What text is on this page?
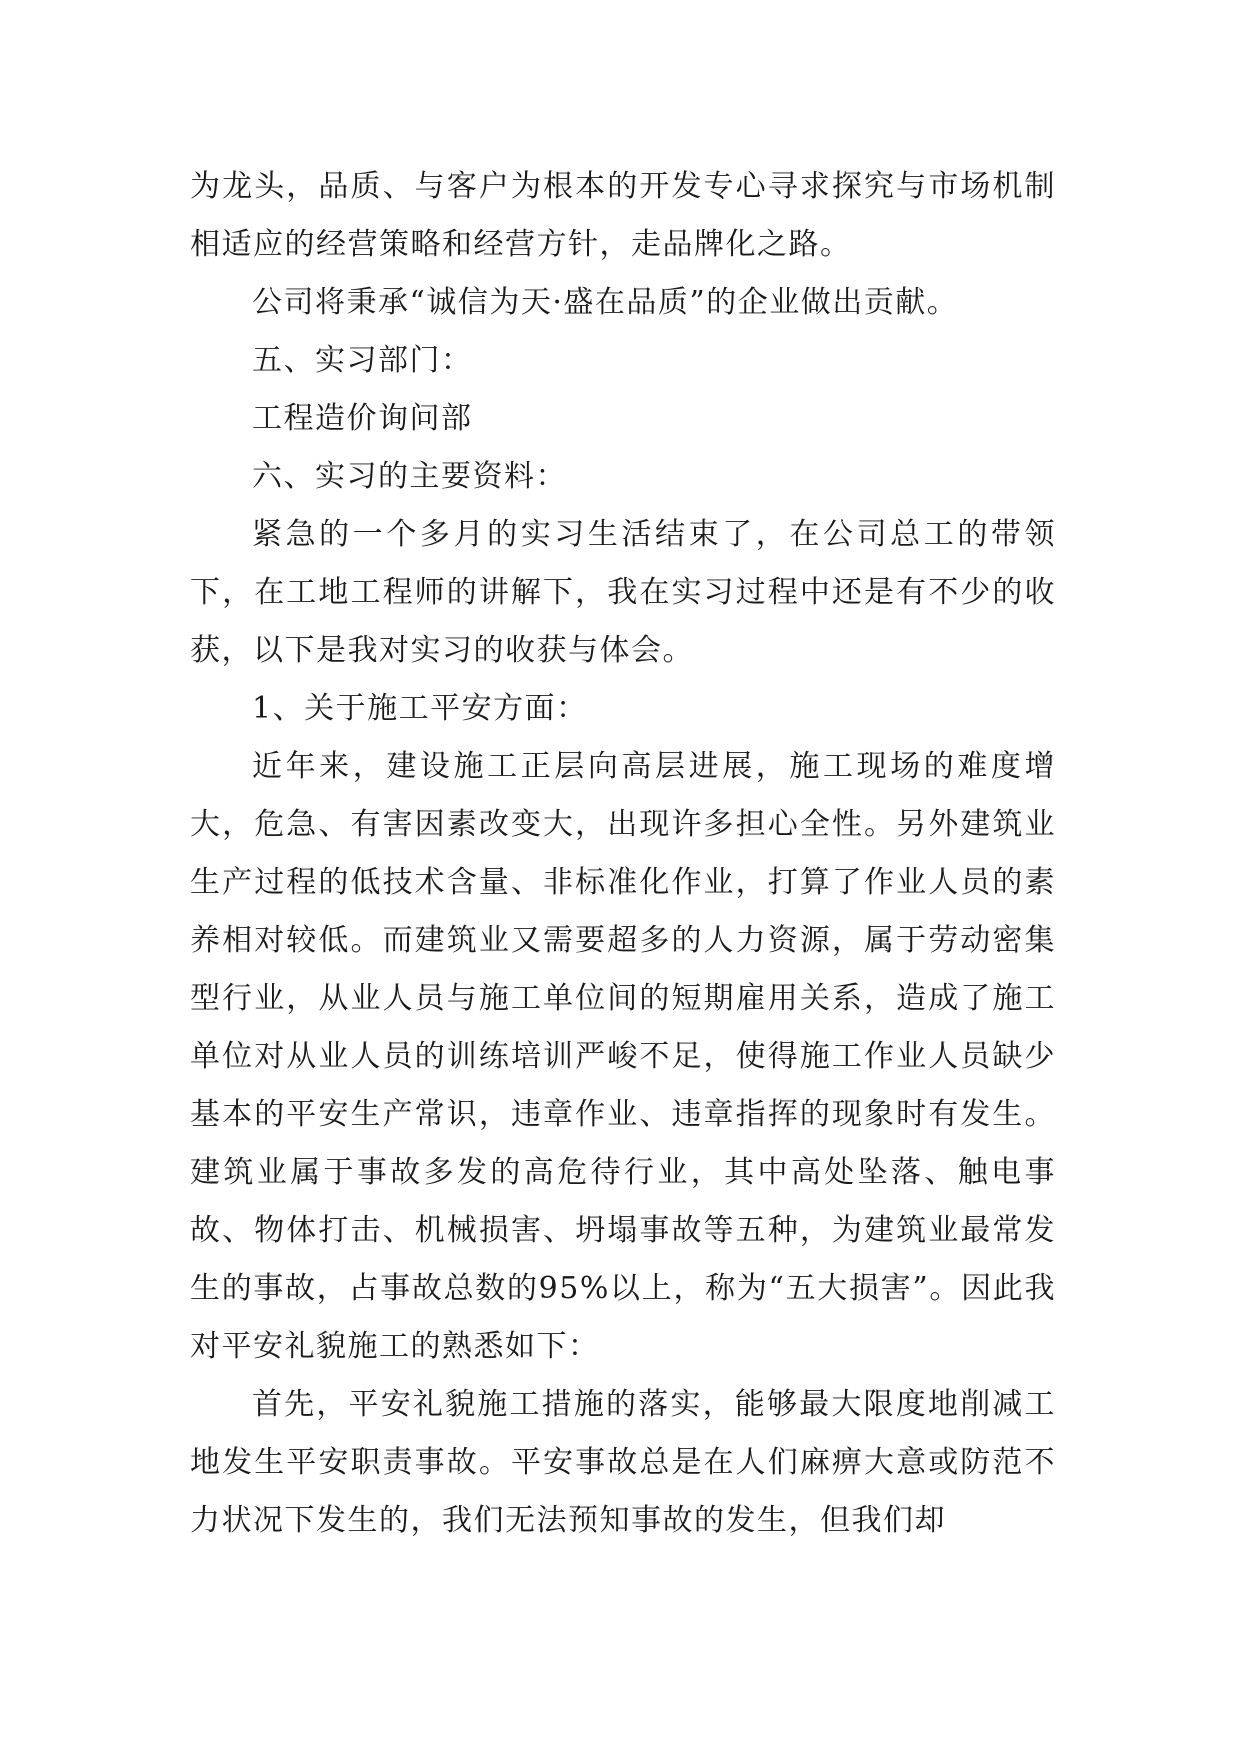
为龙头，品质、与客户为根本的开发专心寻求探究与市场机制相适应的经营策略和经营方针，走品牌化之路。

公司将秉承“诚信为天·盛在品质”的企业做出贡献。

五、实习部门：

工程造价询问部

六、实习的主要资料：

紧急的一个多月的实习生活结束了，在公司总工的带领下，在工地工程师的讲解下，我在实习过程中还是有不少的收获，以下是我对实习的收获与体会。

1、关于施工平安方面：

近年来，建设施工正层向高层进展，施工现场的难度增大，危急、有害因素改变大，出现许多担心全性。另外建筑业生产过程的低技术含量、非标准化作业，打算了作业人员的素养相对较低。而建筑业又需要超多的人力资源，属于劳动密集型行业，从业人员与施工单位间的短期雇用关系，造成了施工单位对从业人员的训练培训严峻不足，使得施工作业人员缺少基本的平安生产常识，违章作业、违章指挥的现象时有发生。建筑业属于事故多发的高危待行业，其中高处坠落、触电事故、物体打击、机械损害、坍塌事故等五种，为建筑业最常发生的事故，占事故总数的95%以上，称为“五大损害”。因此我对平安礼貌施工的熟悉如下：

首先，平安礼貌施工措施的落实，能够最大限度地削减工地发生平安职责事故。平安事故总是在人们麻痹大意或防范不力状况下发生的，我们无法预知事故的发生，但我们却
